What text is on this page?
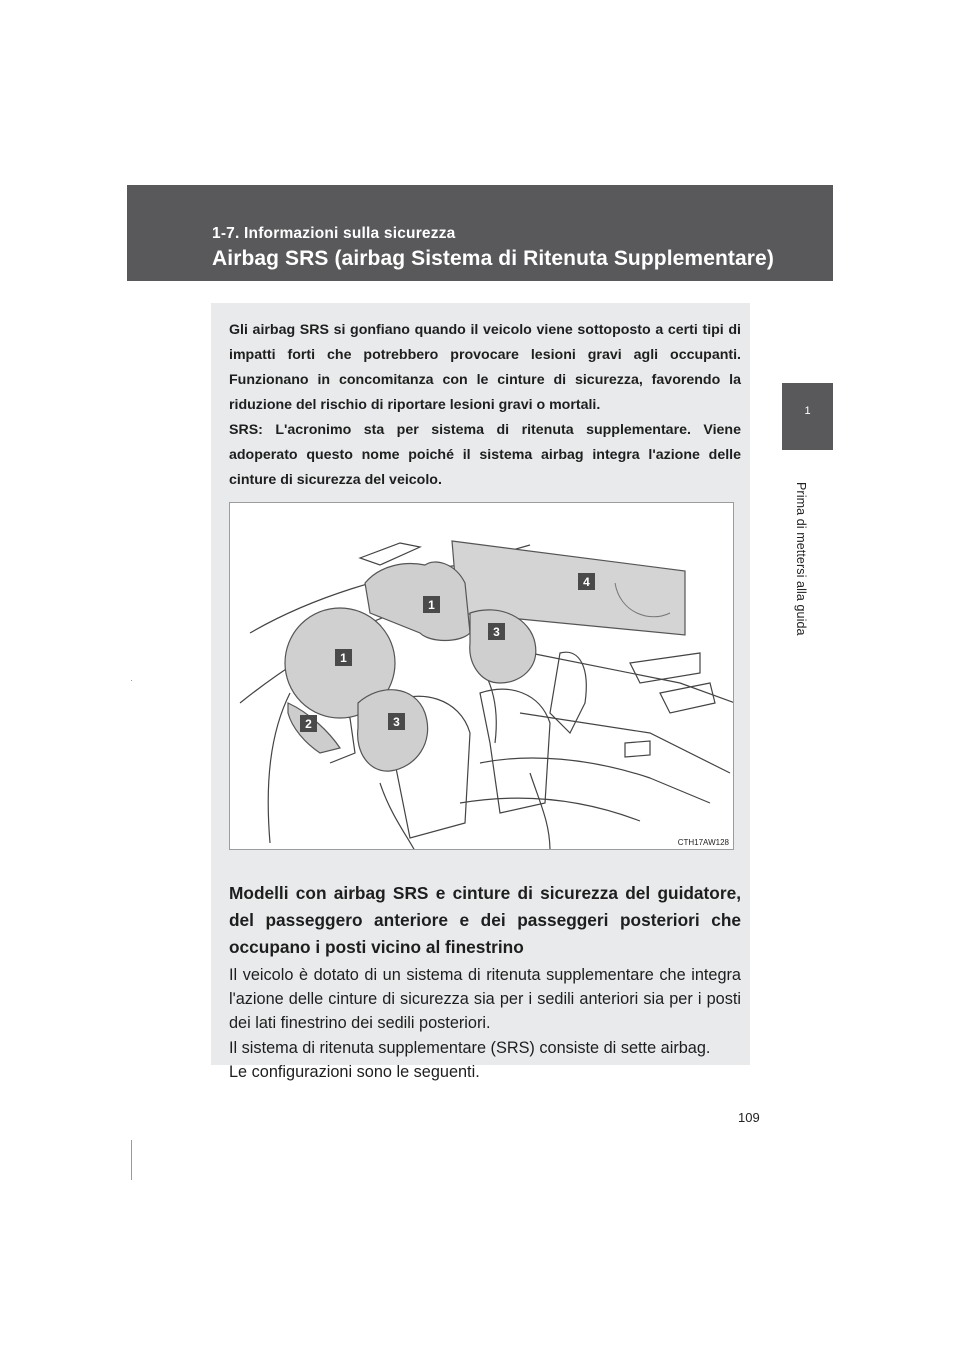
1-7. Informazioni sulla sicurezza
Airbag SRS (airbag Sistema di Ritenuta Supplementare)
1
Prima di mettersi alla guida

Gli airbag SRS si gonfiano quando il veicolo viene sottoposto a certi tipi di impatti forti che potrebbero provocare lesioni gravi agli occupanti. Funzionano in concomitanza con le cinture di sicurezza, favorendo la riduzione del rischio di riportare lesioni gravi o mortali.

SRS: L'acronimo sta per sistema di ritenuta supplementare. Viene adoperato questo nome poiché il sistema airbag integra l'azione delle cinture di sicurezza del veicolo.

1
1
2
3
3
4
CTH17AW128

Modelli con airbag SRS e cinture di sicurezza del guidatore, del passeggero anteriore e dei passeggeri posteriori che occupano i posti vicino al finestrino

Il veicolo è dotato di un sistema di ritenuta supplementare che integra l'azione delle cinture di sicurezza sia per i sedili anteriori sia per i posti dei lati finestrino dei sedili posteriori.
Il sistema di ritenuta supplementare (SRS) consiste di sette airbag.
Le configurazioni sono le seguenti.

109
